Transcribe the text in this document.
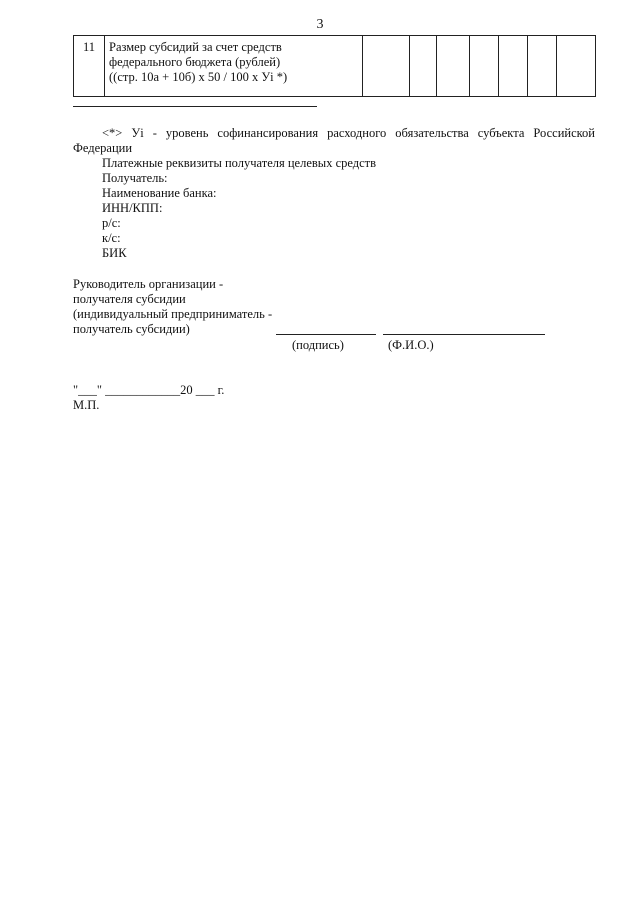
3
11	Размер субсидий за счет средств
федерального бюджета (рублей)
((стр. 10а + 10б) х 50 / 100 х Уi *)

<*> Уi - уровень софинансирования расходного обязательства субъекта Российской
Федерации
Платежные реквизиты получателя целевых средств
Получатель:
Наименование банка:
ИНН/КПП:
р/с:
к/с:
БИК
Руководитель организации -
получателя субсидии
(индивидуальный предприниматель -
получатель субсидии)
(подпись)	(Ф.И.О.)
"___" ____________20 ___ г.
М.П.
